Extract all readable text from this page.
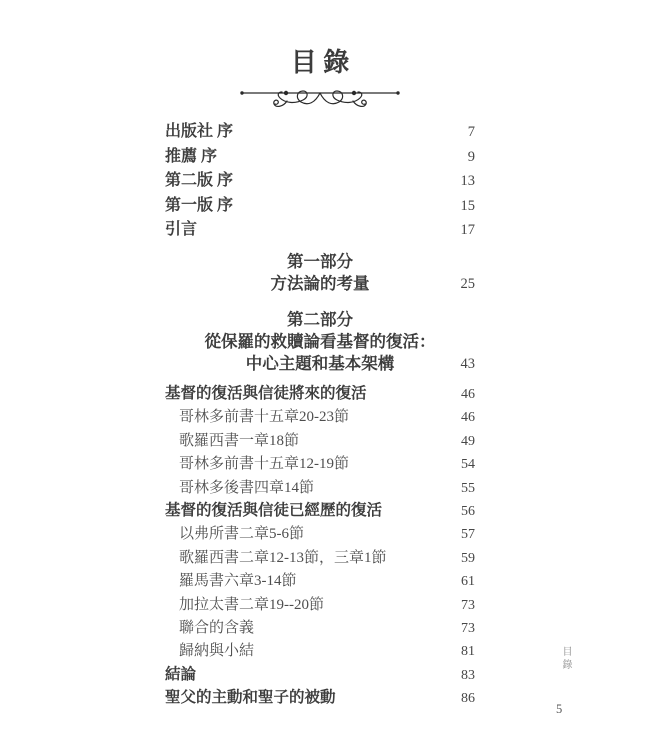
目 錄
出版社 序	7
推薦 序	9
第二版 序	13
第一版 序	15
引言	17
第一部分
方法論的考量	25
第二部分
從保羅的救贖論看基督的復活：
中心主題和基本架構	43
基督的復活與信徒將來的復活	46
哥林多前書十五章20-23節	46
歌羅西書一章18節	49
哥林多前書十五章12-19節	54
哥林多後書四章14節	55
基督的復活與信徒已經歷的復活	56
以弗所書二章5-6節	57
歌羅西書二章12-13節，三章1節	59
羅馬書六章3-14節	61
加拉太書二章19--20節	73
聯合的含義	73
歸納與小結	81
結論	83
聖父的主動和聖子的被動	86
目錄
5
